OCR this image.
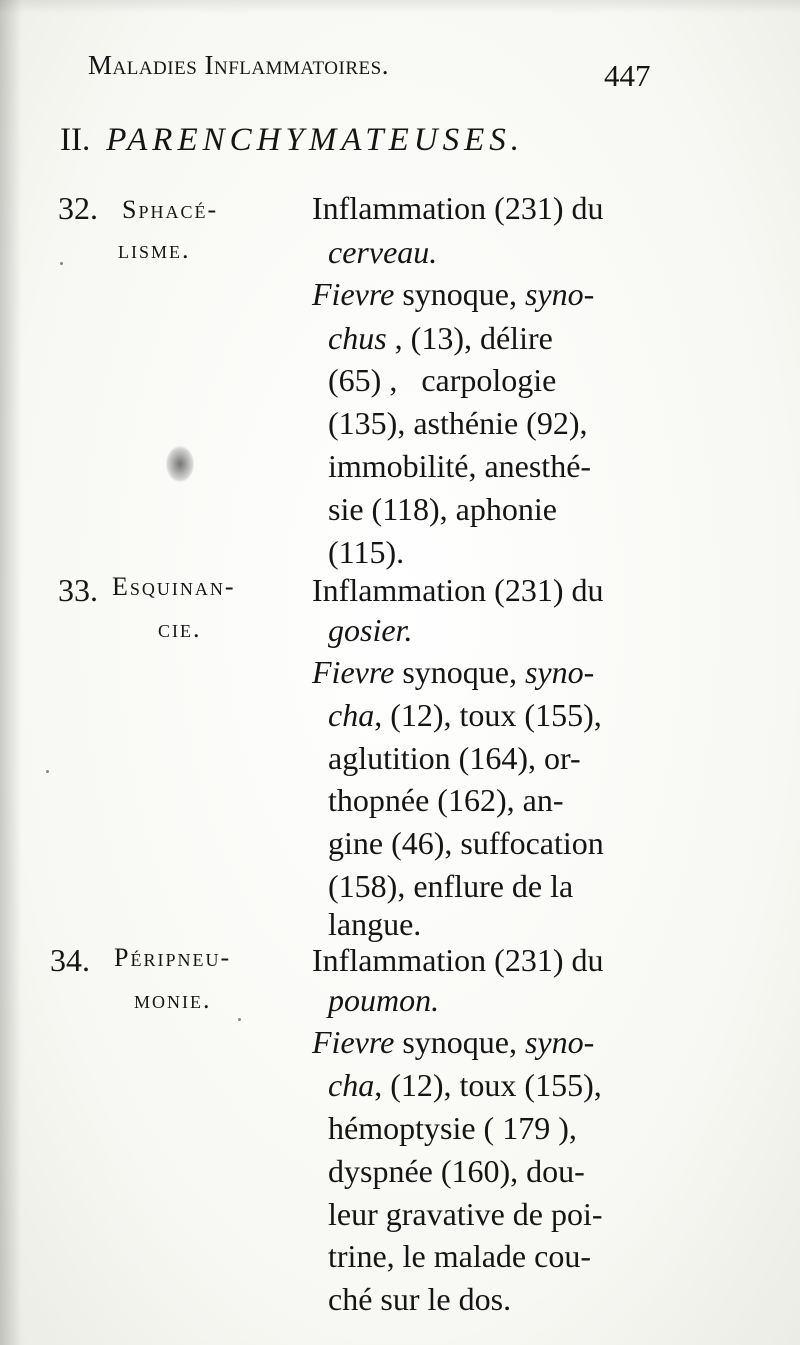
Maladies Inflammatoires.	447
II. PARENCHYMATEUSES.
32. Sphacé-
lisme.
Inflammation (231) du
cerveau.
Fievre synoque, syno-
chus , (13), délire
(65) ,   carpologie
(135), asthénie (92),
immobilité, anesthé-
sie (118), aphonie
(115).
33. Esquinan-
cie.
Inflammation (231) du
gosier.
Fievre synoque, syno-
cha, (12), toux (155),
aglutition (164), or-
thopnée (162), an-
gine (46), suffocation
(158), enflure de la
langue.
34. Péripneu-
monie.
Inflammation (231) du
poumon.
Fievre synoque, syno-
cha, (12), toux (155),
hémoptysie ( 179 ),
dyspnée (160), dou-
leur gravative de poi-
trine, le malade cou-
ché sur le dos.
